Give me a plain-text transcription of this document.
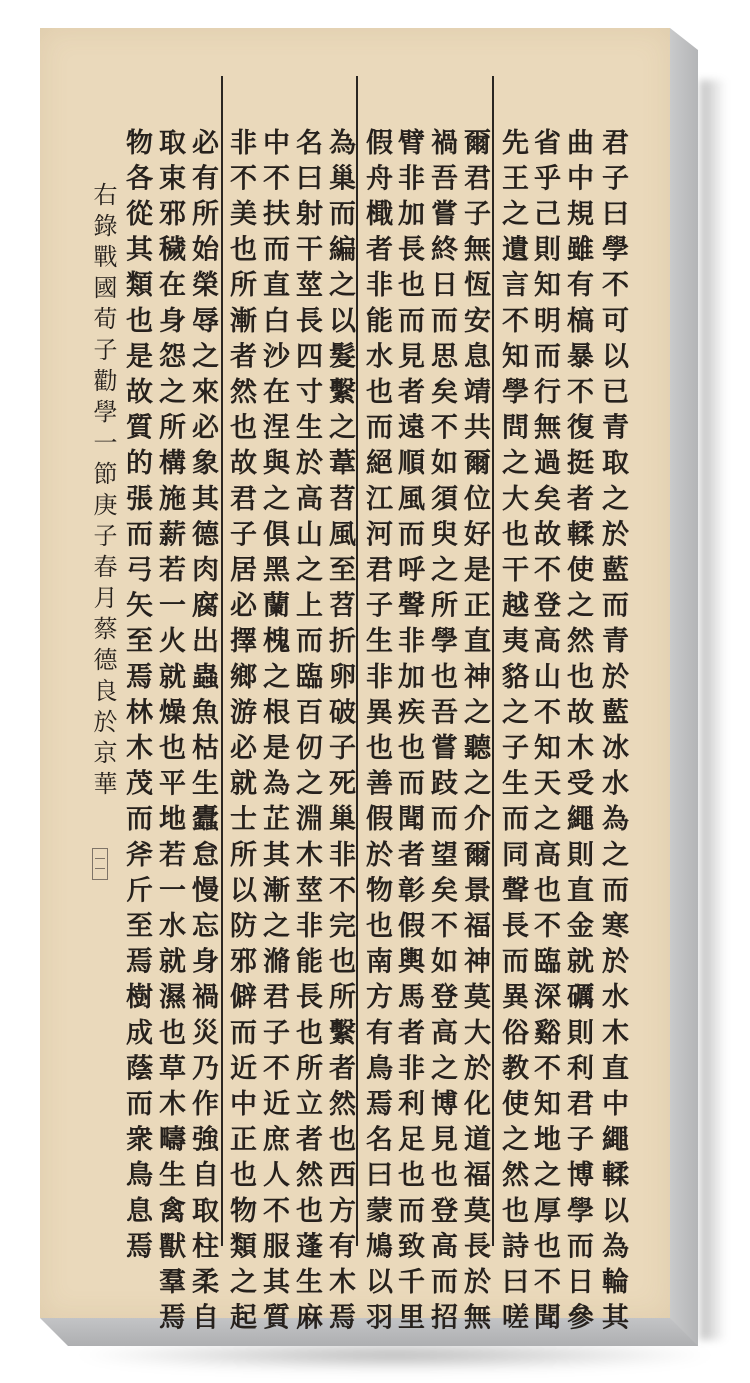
君子曰學不可以已青取之於藍而青於藍冰水為之而寒於水木直中繩輮以為輪其
曲中規雖有槁暴不復挺者輮使之然也故木受繩則直金就礪則利君子博學而日參
省乎己則知明而行無過矣故不登高山不知天之高也不臨深谿不知地之厚也不聞
先王之遺言不知學問之大也干越夷貉之子生而同聲長而異俗教使之然也詩曰嗟
爾君子無恆安息靖共爾位好是正直神之聽之介爾景福神莫大於化道福莫長於無
禍吾嘗終日而思矣不如須臾之所學也吾嘗跂而望矣不如登高之博見也登高而招
臂非加長也而見者遠順風而呼聲非加疾也而聞者彰假輿馬者非利足也而致千里
假舟檝者非能水也而絕江河君子生非異也善假於物也南方有鳥焉名曰蒙鳩以羽
為巢而編之以髮繫之葦苕風至苕折卵破子死巢非不完也所繫者然也西方有木焉
名曰射干莖長四寸生於高山之上而臨百仞之淵木莖非能長也所立者然也蓬生麻
中不扶而直白沙在涅與之俱黑蘭槐之根是為芷其漸之滫君子不近庶人不服其質
非不美也所漸者然也故君子居必擇鄉游必就士所以防邪僻而近中正也物類之起
必有所始榮辱之來必象其德肉腐出蟲魚枯生蠹怠慢忘身禍災乃作強自取柱柔自
取束邪穢在身怨之所構施薪若一火就燥也平地若一水就濕也草木疇生禽獸羣焉
物各從其類也是故質的張而弓矢至焉林木茂而斧斤至焉樹成蔭而衆鳥息焉
右錄戰國荀子勸學一節庚子春月蔡德良於京華
